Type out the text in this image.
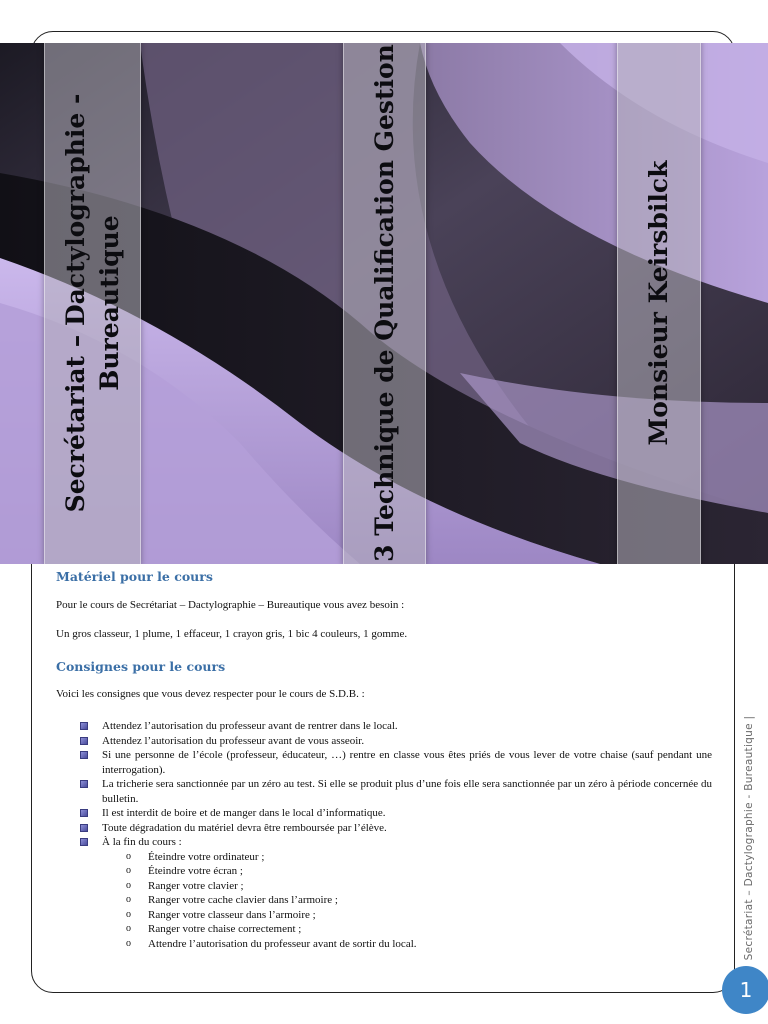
Secrétariat – Dactylographie - Bureautique	3 Technique de Qualification Gestion	Monsieur Keirsbilck
Matériel pour le cours

Pour le cours de Secrétariat – Dactylographie – Bureautique vous avez besoin :

Un gros classeur, 1 plume, 1 effaceur, 1 crayon gris, 1 bic 4 couleurs, 1 gomme.

Consignes pour le cours

Voici les consignes que vous devez respecter pour le cours de S.D.B. :

Attendez l’autorisation du professeur avant de rentrer dans le local.
Attendez l’autorisation du professeur avant de vous asseoir.
Si une personne de l’école (professeur, éducateur, …) rentre en classe vous êtes priés de vous lever de votre chaise (sauf pendant une interrogation).
La tricherie sera sanctionnée par un zéro au test. Si elle se produit plus d’une fois elle sera sanctionnée par un zéro à période concernée du bulletin.
Il est interdit de boire et de manger dans le local d’informatique.
Toute dégradation du matériel devra être remboursée par l’élève.
À la fin du cours :
o Éteindre votre ordinateur ;
o Éteindre votre écran ;
o Ranger votre clavier ;
o Ranger votre cache clavier dans l’armoire ;
o Ranger votre classeur dans l’armoire ;
o Ranger votre chaise correctement ;
o Attendre l’autorisation du professeur avant de sortir du local.	Secrétariat – Dactylographie - Bureautique |
1
